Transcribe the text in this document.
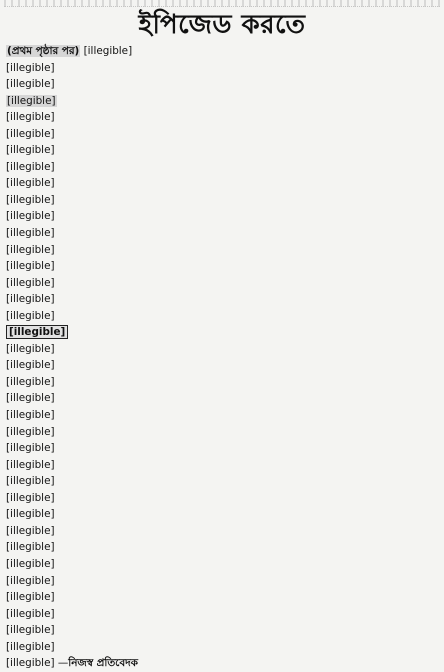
ইপিজেড করতে
(প্রথম পৃষ্ঠার পর) [illegible]
[illegible]
[illegible]
[illegible]
[illegible]
[illegible]
[illegible]
[illegible]
[illegible]
[illegible]
[illegible]
[illegible]
[illegible]
[illegible]
[illegible]
[illegible]
[illegible]
[illegible]
[illegible]
[illegible]
[illegible]
[illegible]
[illegible]
[illegible]
[illegible]
[illegible]
[illegible]
[illegible]
[illegible]
[illegible]
[illegible]
[illegible]
[illegible]
[illegible]
[illegible]
[illegible]
[illegible]
[illegible] —নিজস্ব প্রতিবেদক
